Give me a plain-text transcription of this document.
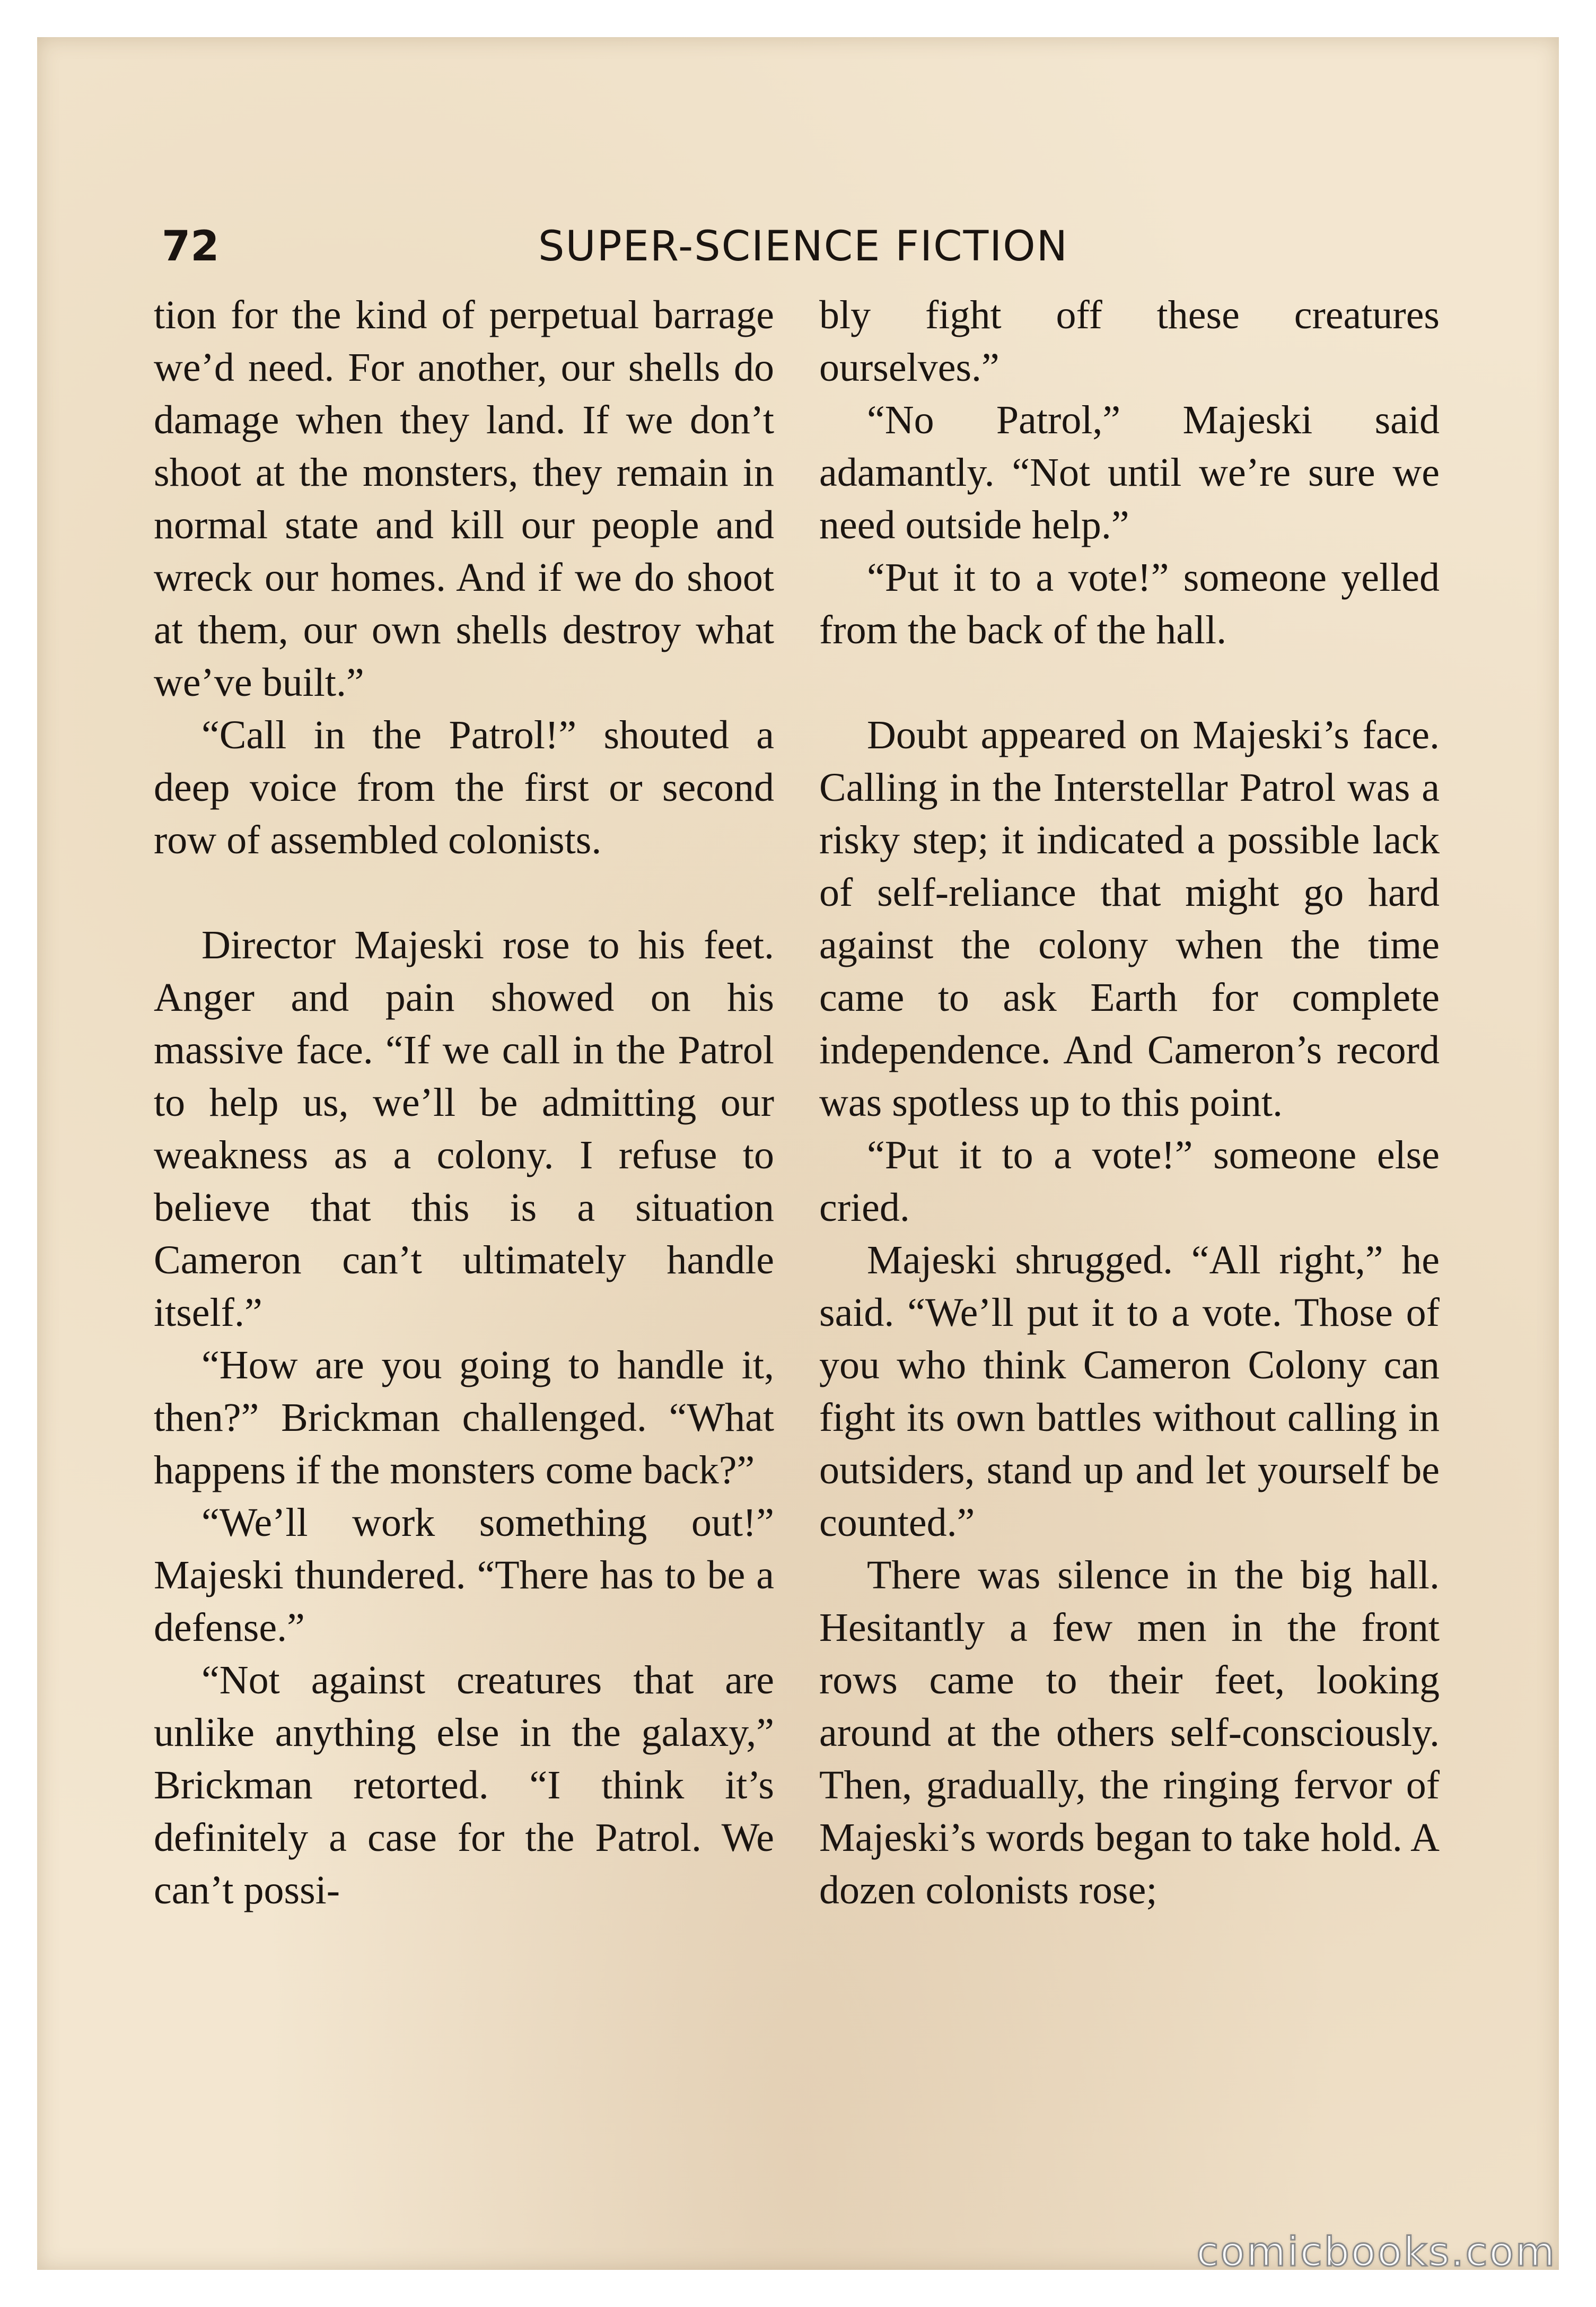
72	SUPER-SCIENCE FICTION

tion for the kind of perpetual barrage we’d need. For another, our shells do damage when they land. If we don’t shoot at the monsters, they remain in normal state and kill our people and wreck our homes. And if we do shoot at them, our own shells destroy what we’ve built.”

“Call in the Patrol!” shouted a deep voice from the first or second row of assembled colonists.

Director Majeski rose to his feet. Anger and pain showed on his massive face. “If we call in the Patrol to help us, we’ll be admitting our weakness as a colony. I refuse to believe that this is a situation Cameron can’t ultimately handle itself.”

“How are you going to handle it, then?” Brickman challenged. “What happens if the monsters come back?”

“We’ll work something out!” Majeski thundered. “There has to be a defense.”

“Not against creatures that are unlike anything else in the galaxy,” Brickman retorted. “I think it’s definitely a case for the Patrol. We can’t possi-

bly fight off these creatures ourselves.”

“No Patrol,” Majeski said adamantly. “Not until we’re sure we need outside help.”

“Put it to a vote!” someone yelled from the back of the hall.

Doubt appeared on Majeski’s face. Calling in the Interstellar Patrol was a risky step; it indicated a possible lack of self-reliance that might go hard against the colony when the time came to ask Earth for complete independence. And Cameron’s record was spotless up to this point.

“Put it to a vote!” someone else cried.

Majeski shrugged. “All right,” he said. “We’ll put it to a vote. Those of you who think Cameron Colony can fight its own battles without calling in outsiders, stand up and let yourself be counted.”

There was silence in the big hall. Hesitantly a few men in the front rows came to their feet, looking around at the others self-consciously. Then, gradually, the ringing fervor of Majeski’s words began to take hold. A dozen colonists rose;

comicbooks.com
